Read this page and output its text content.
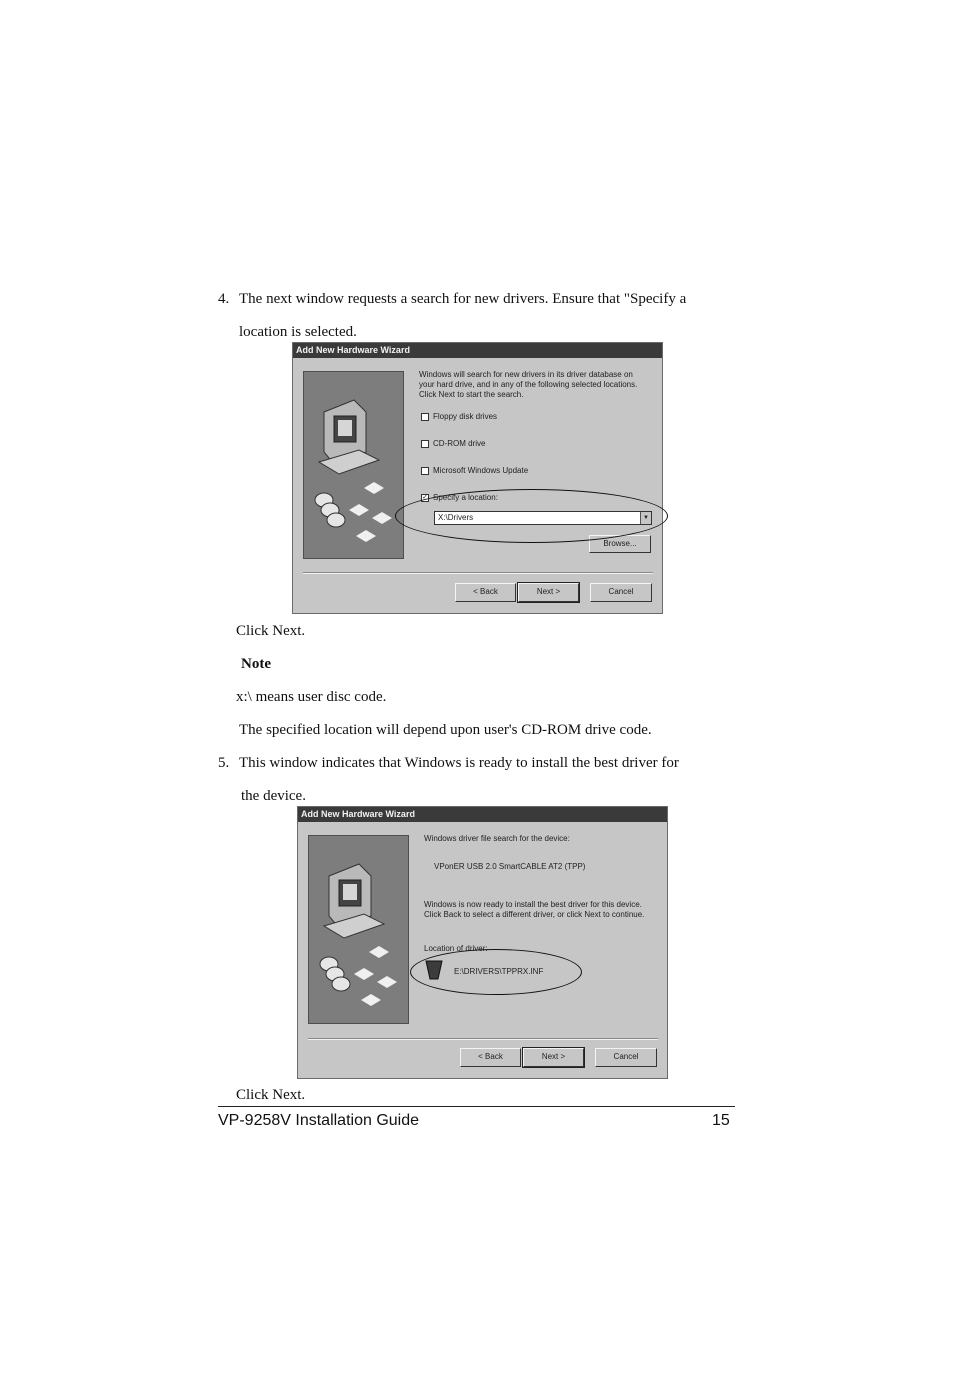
4. The next window requests a search for new drivers. Ensure that "Specify a
location is selected.
Add New Hardware Wizard
Windows will search for new drivers in its driver database on your hard drive, and in any of the following selected locations. Click Next to start the search.
Floppy disk drives
CD-ROM drive
Microsoft Windows Update
✓ Specify a location:
X:\Drivers	▼
Browse...
< Back	Next >	Cancel
Click Next.
Note
x:\ means user disc code.
The specified location will depend upon user's CD-ROM drive code.
5. This window indicates that Windows is ready to install the best driver for
the device.
Add New Hardware Wizard
Windows driver file search for the device:
VPonER USB 2.0 SmartCABLE AT2 (TPP)
Windows is now ready to install the best driver for this device. Click Back to select a different driver, or click Next to continue.
Location of driver:
E:\DRIVERS\TPPRX.INF
< Back	Next >	Cancel
Click Next.
VP-9258V Installation Guide	15
